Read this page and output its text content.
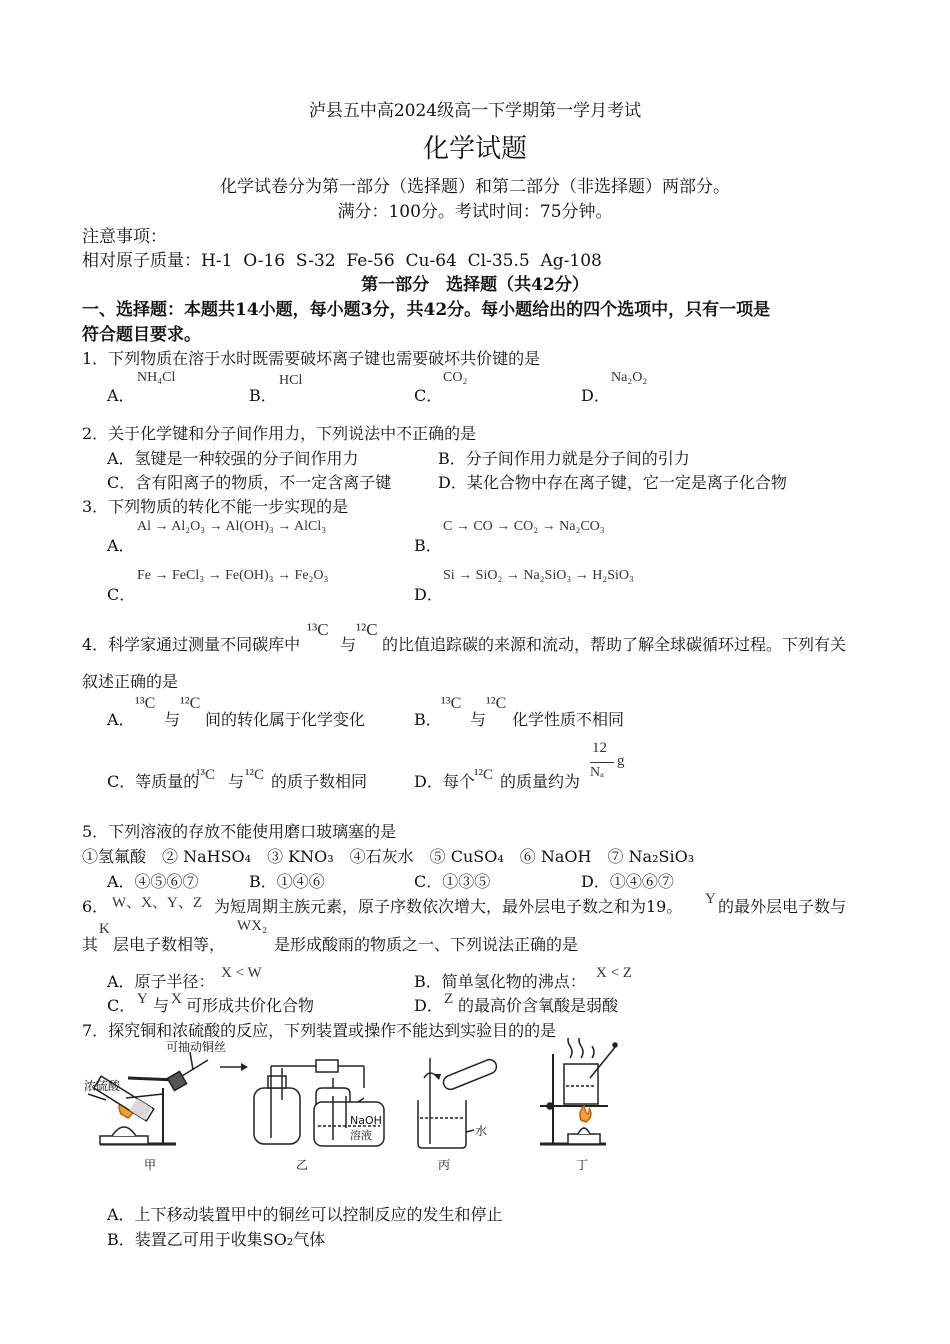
泸县五中高2024级高一下学期第一学月考试
化学试题
化学试卷分为第一部分（选择题）和第二部分（非选择题）两部分。
满分：100分。考试时间：75分钟。
注意事项：
相对原子质量：H-1  O-16  S-32  Fe-56  Cu-64  Cl-35.5  Ag-108
第一部分　选择题（共42分）
一、选择题：本题共14小题，每小题3分，共42分。每小题给出的四个选项中，只有一项是
符合题目要求。
1．下列物质在溶于水时既需要破坏离子键也需要破坏共价键的是
A．
NH₄Cl
B．
HCl
C．
CO₂
D．
Na₂O₂
2．关于化学键和分子间作用力，下列说法中不正确的是
A．氢键是一种较强的分子间作用力	B．分子间作用力就是分子间的引力
C．含有阳离子的物质，不一定含离子键	D．某化合物中存在离子键，它一定是离子化合物
3．下列物质的转化不能一步实现的是
A．
Al → Al₂O₃ → Al(OH)₃ → AlCl₃
B．
C → CO → CO₂ → Na₂CO₃
C．
Fe → FeCl₃ → Fe(OH)₃ → Fe₂O₃
D．
Si → SiO₂ → Na₂SiO₃ → H₂SiO₃
4．科学家通过测量不同碳库中
¹³C
与
¹²C
的比值追踪碳的来源和流动，帮助了解全球碳循环过程。下列有关
叙述正确的是
A．
¹³C
与
¹²C
间的转化属于化学变化	B．
¹³C
与
¹²C
化学性质不相同
C．等质量的
¹³C 与 ¹²C 的质子数相同	D．每个 ¹²C 的质量约为
12
Nₐ
g
5．下列溶液的存放不能使用磨口玻璃塞的是
①氢氟酸　② NaHSO₄　③ KNO₃　④石灰水　⑤ CuSO₄　⑥ NaOH　⑦ Na₂SiO₃
A．④⑤⑥⑦	B．①④⑥	C．①③⑤	D．①④⑥⑦
6． W、X、Y、Z 为短周期主族元素，原子序数依次增大，最外层电子数之和为19。 Y 的最外层电子数与
其
K
层电子数相等，
WX₂
是形成酸雨的物质之一、下列说法正确的是
A．原子半径： X < W	B．简单氢化物的沸点： X < Z
C． Y 与 X 可形成共价化合物	D． Z 的最高价含氧酸是弱酸
7．探究铜和浓硫酸的反应，下列装置或操作不能达到实验目的的是
可抽动铜丝
浓硫酸
NaOH
溶液	水
甲	乙	丙	丁
A．上下移动装置甲中的铜丝可以控制反应的发生和停止
B．装置乙可用于收集SO₂气体
